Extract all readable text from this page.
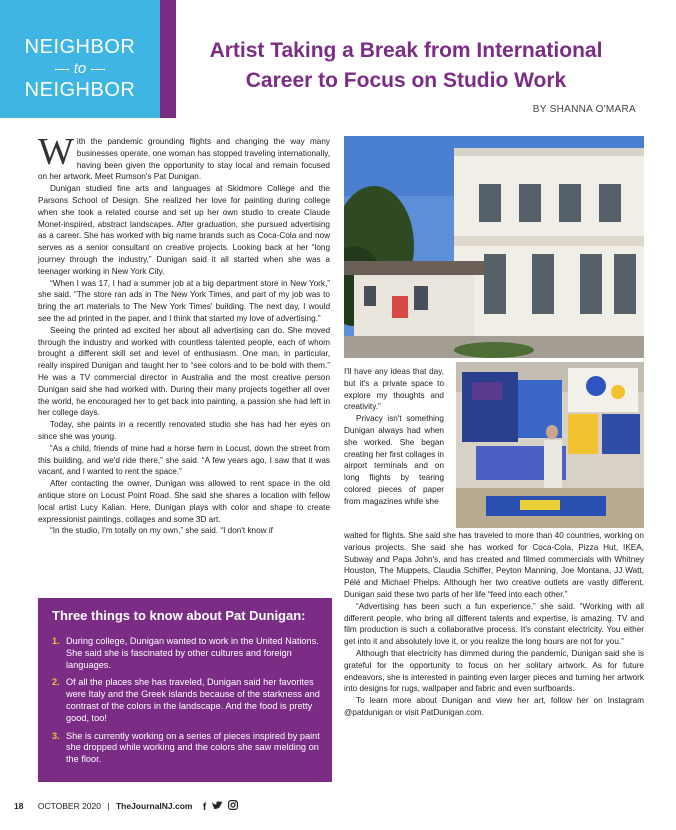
NEIGHBOR
to
NEIGHBOR
Artist Taking a Break from International
Career to Focus on Studio Work
BY SHANNA O'MARA

With the pandemic grounding flights and changing the way many businesses operate, one woman has stopped traveling internationally, having been given the opportunity to stay local and remain focused on her artwork. Meet Rumson's Pat Dunigan.

Dunigan studied fine arts and languages at Skidmore College and the Parsons School of Design. She realized her love for painting during college when she took a related course and set up her own studio to create Claude Monet-inspired, abstract landscapes. After graduation, she pursued advertising as a career. She has worked with big name brands such as Coca-Cola and now serves as a senior consultant on creative projects. Looking back at her “long journey through the industry,” Dunigan said it all started when she was a teenager working in New York City.

“When I was 17, I had a summer job at a big department store in New York,” she said. “The store ran ads in The New York Times, and part of my job was to bring the art materials to The New York Times' building. The next day, I would see the ad printed in the paper, and I think that started my love of advertising.”

Seeing the printed ad excited her about all advertising can do. She moved through the industry and worked with countless talented people, each of whom brought a different skill set and level of enthusiasm. One man, in particular, really inspired Dunigan and taught her to “see colors and to be bold with them.” He was a TV commercial director in Australia and the most creative person Dunigan said she had worked with. During their many projects together all over the world, he encouraged her to get back into painting, a passion she had left in her college days.

Today, she paints in a recently renovated studio she has had her eyes on since she was young.

“As a child, friends of mine had a horse farm in Locust, down the street from this building, and we'd ride there,” she said. “A few years ago, I saw that it was vacant, and I wanted to rent the space.”

After contacting the owner, Dunigan was allowed to rent space in the old antique store on Locust Point Road. She said she shares a location with fellow local artist Lucy Kalian. Here, Dunigan plays with color and shape to create expressionist paintings, collages and some 3D art.

“In the studio, I'm totally on my own,” she said. “I don't know if

I'll have any ideas that day, but it's a private space to explore my thoughts and creativity.”

Privacy isn't something Dunigan always had when she worked. She began creating her first collages in airport terminals and on long flights by tearing colored pieces of paper from magazines while she

waited for flights. She said she has traveled to more than 40 countries, working on various projects. She said she has worked for Coca-Cola, Pizza Hut, IKEA, Subway and Papa John's, and has created and filmed commercials with Whitney Houston, The Muppets, Claudia Schiffer, Peyton Manning, Joe Montana, JJ Watt, Pélé and Michael Phelps. Although her two creative outlets are vastly different, Dunigan said these two parts of her life “feed into each other.”

“Advertising has been such a fun experience,” she said. “Working with all different people, who bring all different talents and expertise, is amazing. TV and film production is such a collaborative process. It's constant electricity. You either get into it and absolutely love it, or you realize the long hours are not for you.”

Although that electricity has dimmed during the pandemic, Dunigan said she is grateful for the opportunity to focus on her solitary artwork. As for future endeavors, she is interested in painting even larger pieces and turning her artwork into designs for rugs, wallpaper and fabric and even surfboards.

To learn more about Dunigan and view her art, follow her on Instagram @patdunigan or visit PatDunigan.com.

Three things to know about Pat Dunigan:
1. During college, Dunigan wanted to work in the United Nations. She said she is fascinated by other cultures and foreign languages.
2. Of all the places she has traveled, Dunigan said her favorites were Italy and the Greek islands because of the starkness and contrast of the colors in the landscape. And the food is pretty good, too!
3. She is currently working on a series of pieces inspired by paint she dropped while working and the colors she saw melding on the floor.
18 OCTOBER 2020 | TheJournalNJ.com f
